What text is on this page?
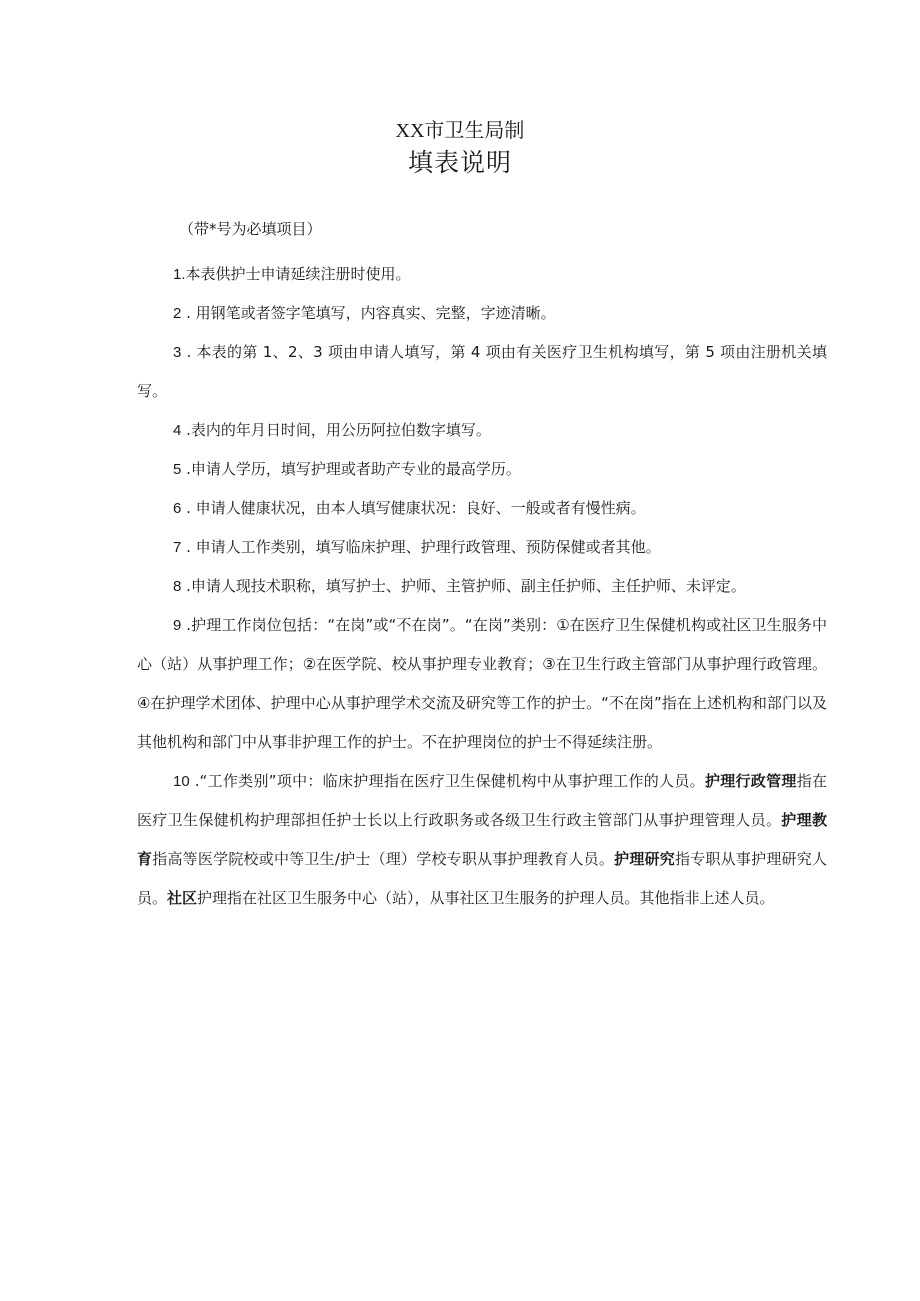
XX市卫生局制
填表说明

（带*号为必填项目）

1.本表供护士申请延续注册时使用。

2 . 用钢笔或者签字笔填写，内容真实、完整，字迹清晰。

3 . 本表的第 1、2、3 项由申请人填写，第 4 项由有关医疗卫生机构填写，第 5 项由注册机关填写。

4 .表内的年月日时间，用公历阿拉伯数字填写。

5 .申请人学历，填写护理或者助产专业的最高学历。

6 . 申请人健康状况，由本人填写健康状况：良好、一般或者有慢性病。

7 . 申请人工作类别，填写临床护理、护理行政管理、预防保健或者其他。

8 .申请人现技术职称，填写护士、护师、主管护师、副主任护师、主任护师、未评定。

9 .护理工作岗位包括：“在岗”或“不在岗”。“在岗”类别：①在医疗卫生保健机构或社区卫生服务中心（站）从事护理工作；②在医学院、校从事护理专业教育；③在卫生行政主管部门从事护理行政管理。④在护理学术团体、护理中心从事护理学术交流及研究等工作的护士。“不在岗”指在上述机构和部门以及其他机构和部门中从事非护理工作的护士。不在护理岗位的护士不得延续注册。

10 .“工作类别”项中：临床护理指在医疗卫生保健机构中从事护理工作的人员。护理行政管理指在医疗卫生保健机构护理部担任护士长以上行政职务或各级卫生行政主管部门从事护理管理人员。护理教育指高等医学院校或中等卫生/护士（理）学校专职从事护理教育人员。护理研究指专职从事护理研究人员。社区护理指在社区卫生服务中心（站），从事社区卫生服务的护理人员。其他指非上述人员。
